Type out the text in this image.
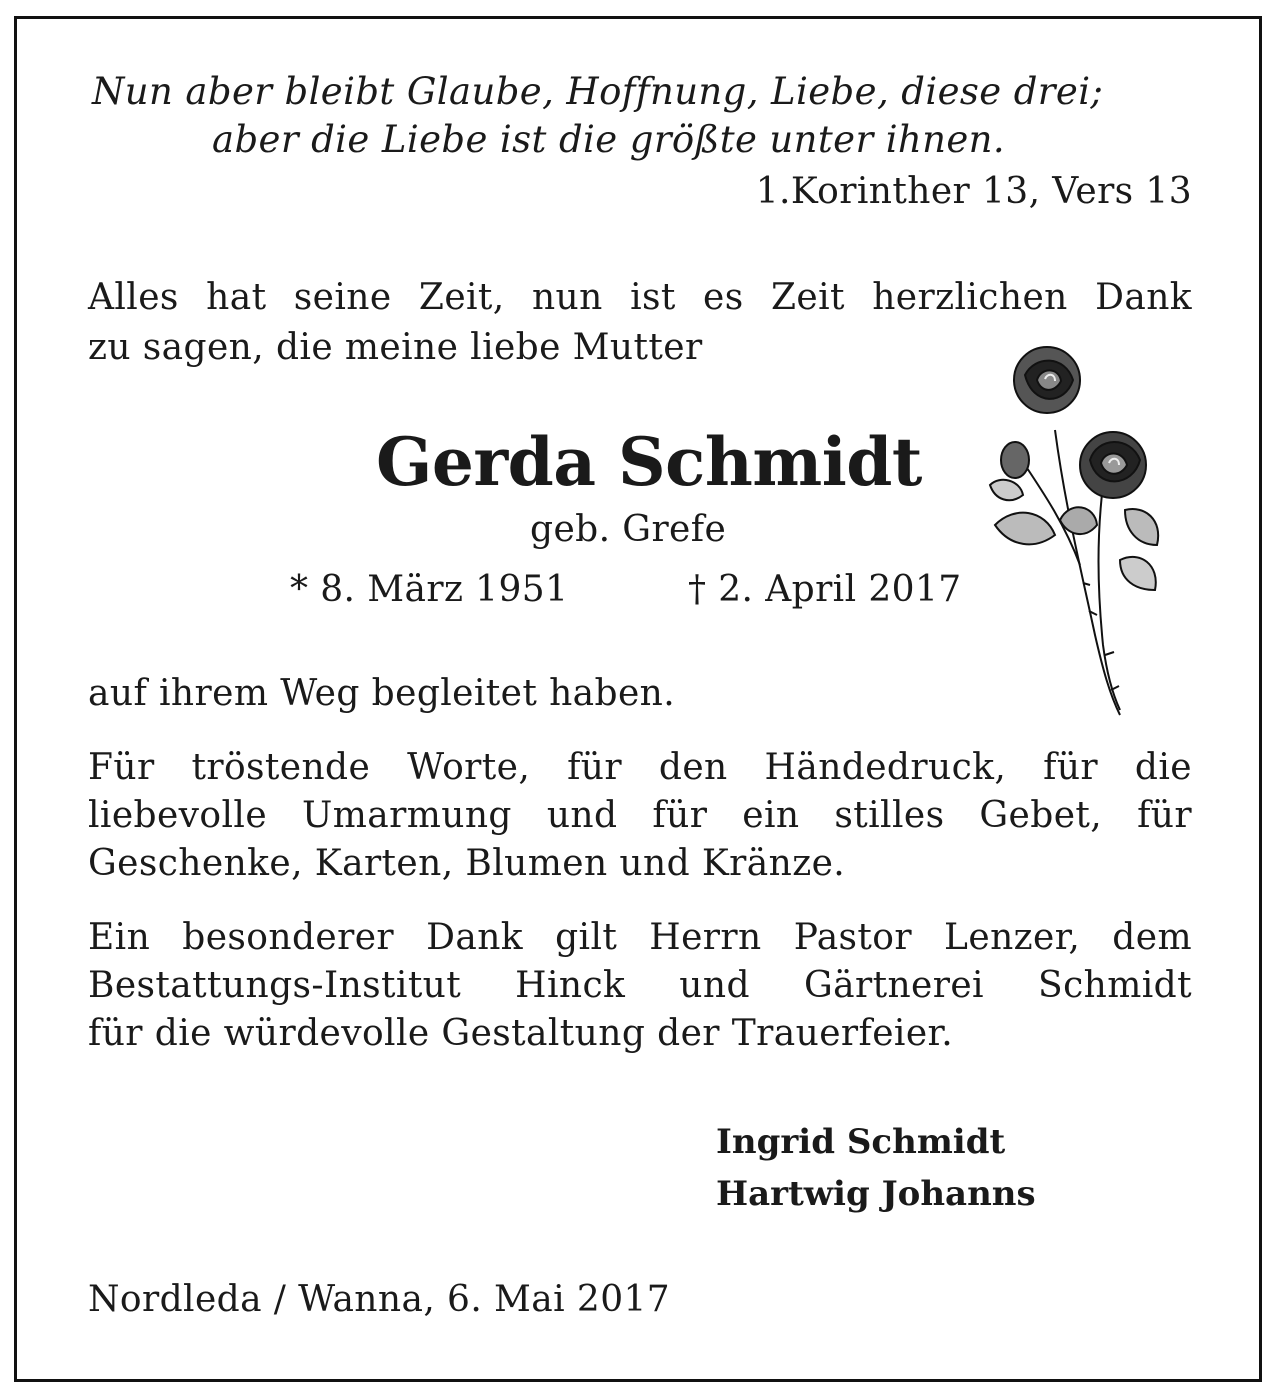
Nun aber bleibt Glaube, Hoffnung, Liebe, diese drei;

aber die Liebe ist die größte unter ihnen.

1.Korinther 13, Vers 13

Alles hat seine Zeit, nun ist es Zeit herzlichen Dank

zu sagen, die meine liebe Mutter

Gerda Schmidt

geb. Grefe

* 8. März 1951	† 2. April 2017

auf ihrem Weg begleitet haben.

Für tröstende Worte, für den Händedruck, für die

liebevolle Umarmung und für ein stilles Gebet, für

Geschenke, Karten, Blumen und Kränze.

Ein besonderer Dank gilt Herrn Pastor Lenzer, dem

Bestattungs-Institut Hinck und Gärtnerei Schmidt

für die würdevolle Gestaltung der Trauerfeier.

Ingrid Schmidt

Hartwig Johanns

Nordleda / Wanna, 6. Mai 2017
